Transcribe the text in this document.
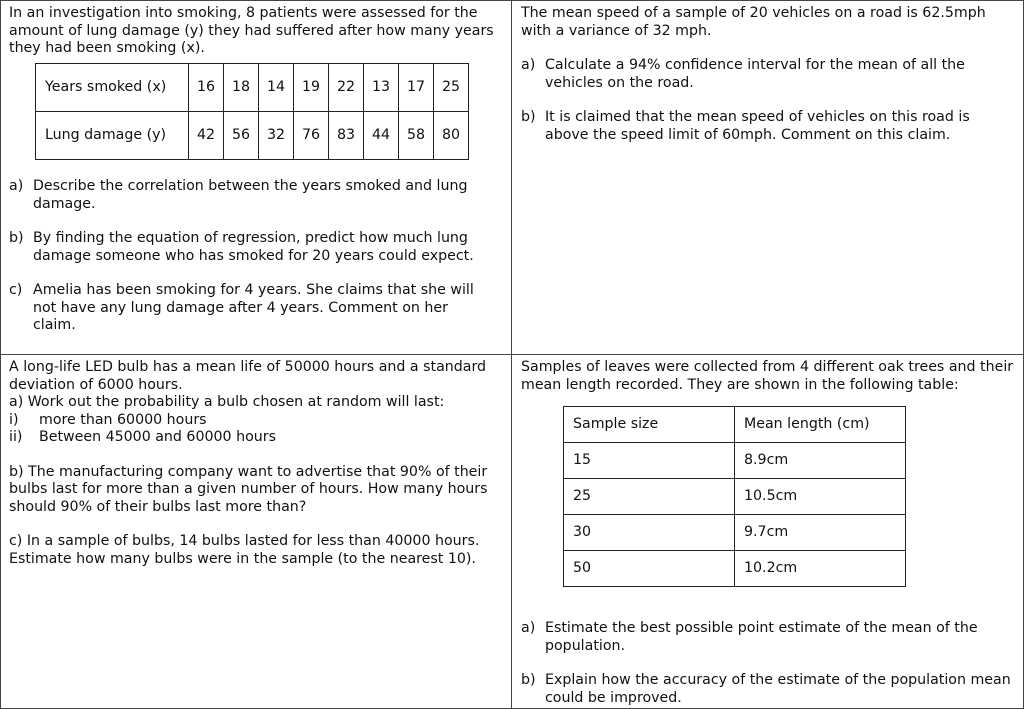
In an investigation into smoking, 8 patients were assessed for the amount of lung damage (y) they had suffered after how many years they had been smoking (x).

Years smoked (x)	16	18	14	19	22	13	17	25
Lung damage (y)	42	56	32	76	83	44	58	80
a) Describe the correlation between the years smoked and lung damage.
b) By finding the equation of regression, predict how much lung damage someone who has smoked for 20 years could expect.
c) Amelia has been smoking for 4 years. She claims that she will not have any lung damage after 4 years. Comment on her claim.

The mean speed of a sample of 20 vehicles on a road is 62.5mph with a variance of 32 mph.

a) Calculate a 94% confidence interval for the mean of all the vehicles on the road.
b) It is claimed that the mean speed of vehicles on this road is above the speed limit of 60mph. Comment on this claim.

A long-life LED bulb has a mean life of 50000 hours and a standard deviation of 6000 hours.

a) Work out the probability a bulb chosen at random will last:

i)	more than 60000 hours
ii)	Between 45000 and 60000 hours

b) The manufacturing company want to advertise that 90% of their bulbs last for more than a given number of hours. How many hours should 90% of their bulbs last more than?

c) In a sample of bulbs, 14 bulbs lasted for less than 40000 hours. Estimate how many bulbs were in the sample (to the nearest 10).

Samples of leaves were collected from 4 different oak trees and their mean length recorded. They are shown in the following table:

Sample size	Mean length (cm)
15	8.9cm
25	10.5cm
30	9.7cm
50	10.2cm
a) Estimate the best possible point estimate of the mean of the population.
b) Explain how the accuracy of the estimate of the population mean could be improved.
